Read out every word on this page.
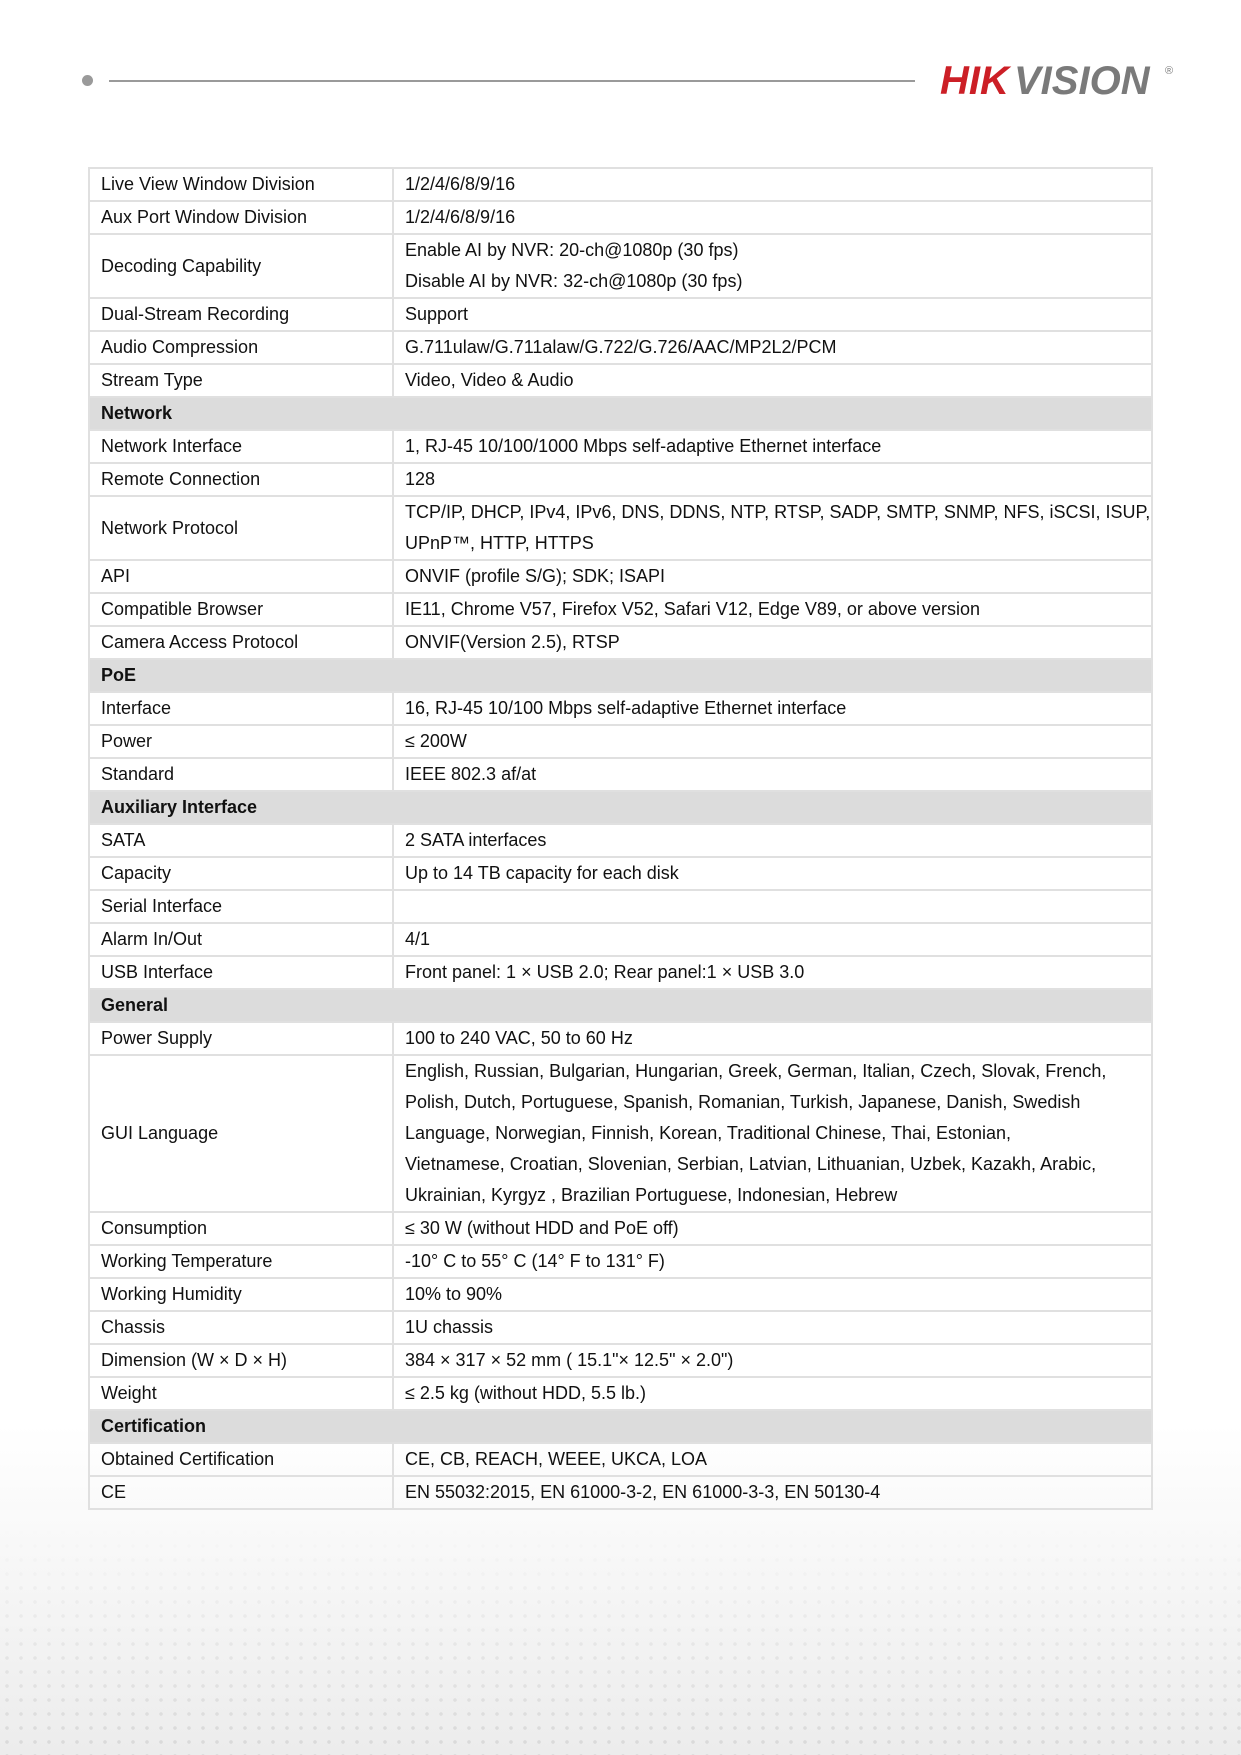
HIK VISION ®
Live View Window Division	1/2/4/6/8/9/16

Aux Port Window Division	1/2/4/6/8/9/16

Decoding Capability	Enable AI by NVR: 20-ch@1080p (30 fps)
Disable AI by NVR: 32-ch@1080p (30 fps)

Dual-Stream Recording	Support

Audio Compression	G.711ulaw/G.711alaw/G.722/G.726/AAC/MP2L2/PCM

Stream Type	Video, Video & Audio

Network	
Network Interface	1, RJ-45 10/100/1000 Mbps self-adaptive Ethernet interface

Remote Connection	128

Network Protocol	TCP/IP, DHCP, IPv4, IPv6, DNS, DDNS, NTP, RTSP, SADP, SMTP, SNMP, NFS, iSCSI, ISUP,
UPnP™, HTTP, HTTPS

API	ONVIF (profile S/G); SDK; ISAPI

Compatible Browser	IE11, Chrome V57, Firefox V52, Safari V12, Edge V89, or above version

Camera Access Protocol	ONVIF(Version 2.5), RTSP

PoE	
Interface	16, RJ-45 10/100 Mbps self-adaptive Ethernet interface

Power	≤ 200W

Standard	IEEE 802.3 af/at

Auxiliary Interface	
SATA	2 SATA interfaces

Capacity	Up to 14 TB capacity for each disk

Serial Interface	

Alarm In/Out	4/1

USB Interface	Front panel: 1 × USB 2.0; Rear panel:1 × USB 3.0

General	
Power Supply	100 to 240 VAC, 50 to 60 Hz

GUI Language	English, Russian, Bulgarian, Hungarian, Greek, German, Italian, Czech, Slovak, French,
Polish, Dutch, Portuguese, Spanish, Romanian, Turkish, Japanese, Danish, Swedish
Language, Norwegian, Finnish, Korean, Traditional Chinese, Thai, Estonian,
Vietnamese, Croatian, Slovenian, Serbian, Latvian, Lithuanian, Uzbek, Kazakh, Arabic,
Ukrainian, Kyrgyz , Brazilian Portuguese, Indonesian, Hebrew

Consumption	≤ 30 W (without HDD and PoE off)

Working Temperature	-10° C to 55° C (14° F to 131° F)

Working Humidity	10% to 90%

Chassis	1U chassis

Dimension (W × D × H)	384 × 317 × 52 mm ( 15.1"× 12.5" × 2.0")

Weight	≤ 2.5 kg (without HDD, 5.5 lb.)

Certification	
Obtained Certification	CE, CB, REACH, WEEE, UKCA, LOA

CE	EN 55032:2015, EN 61000-3-2, EN 61000-3-3, EN 50130-4
